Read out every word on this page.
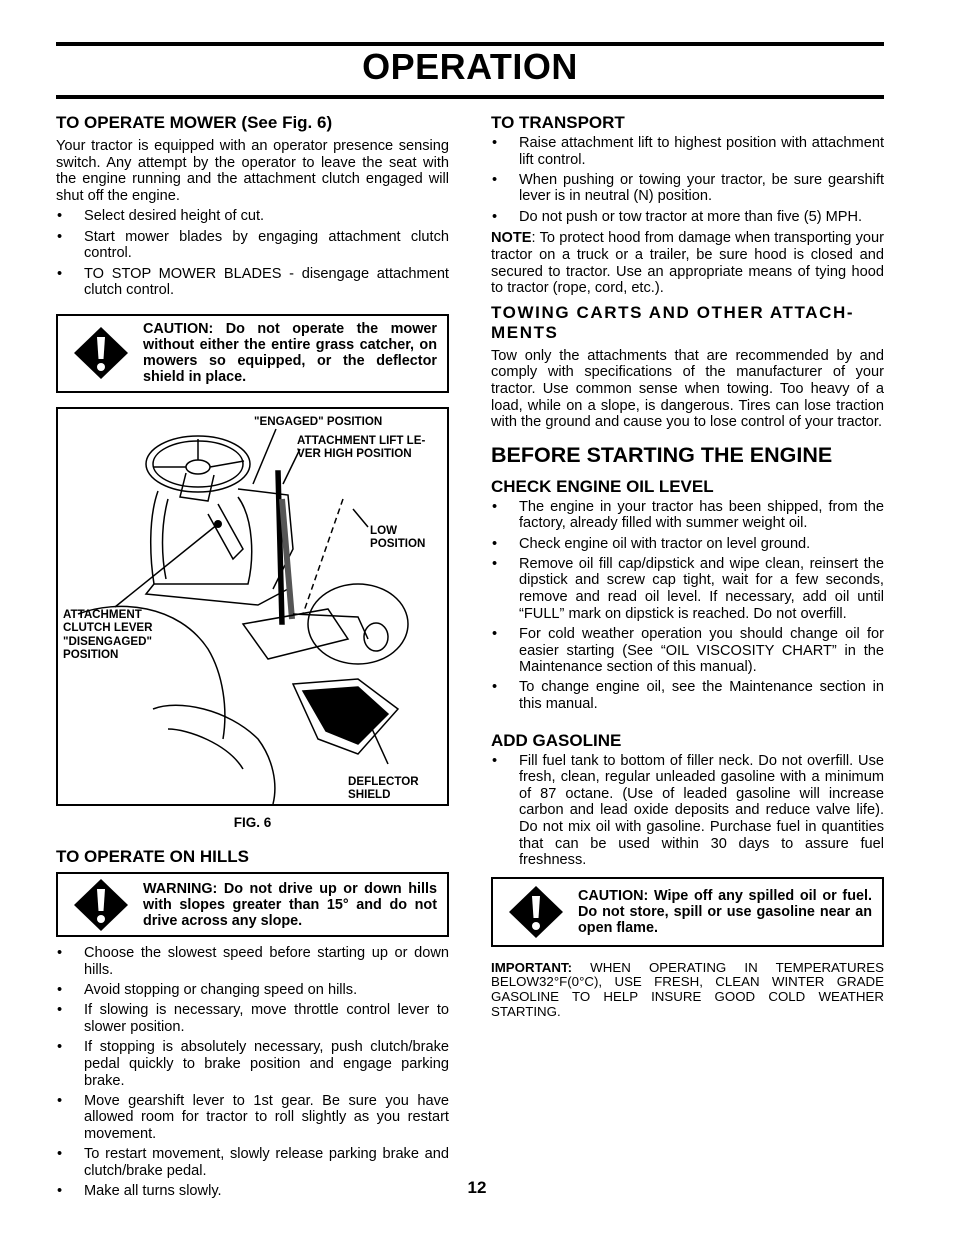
OPERATION
TO OPERATE MOWER (See Fig. 6)

Your tractor is equipped with an operator presence sensing switch. Any attempt by the operator to leave the seat with the engine running and the attachment clutch engaged will shut off the engine.

• Select desired height of cut.
• Start mower blades by engaging attachment clutch control.
• TO STOP MOWER BLADES - disengage attachment clutch control.
CAUTION: Do not operate the mower without either the entire grass catcher, on mowers so equipped, or the deflector shield in place.
"ENGAGED" POSITION
ATTACHMENT LIFT LE-VER HIGH POSITION
LOW POSITION
ATTACHMENT CLUTCH LEVER "DISENGAGED" POSITION
DEFLECTOR SHIELD
FIG. 6
TO OPERATE ON HILLS
WARNING: Do not drive up or down hills with slopes greater than 15° and do not drive across any slope.
• Choose the slowest speed before starting up or down hills.
• Avoid stopping or changing speed on hills.
• If slowing is necessary, move throttle control lever to slower position.
• If stopping is absolutely necessary, push clutch/brake pedal quickly to brake position and engage parking brake.
• Move gearshift lever to 1st gear. Be sure you have allowed room for tractor to roll slightly as you restart movement.
• To restart movement, slowly release parking brake and clutch/brake pedal.
• Make all turns slowly.
TO TRANSPORT
• Raise attachment lift to highest position with attachment lift control.
• When pushing or towing your tractor, be sure gearshift lever is in neutral (N) position.
• Do not push or tow tractor at more than five (5) MPH.

NOTE: To protect hood from damage when transporting your tractor on a truck or a trailer, be sure hood is closed and secured to tractor. Use an appropriate means of tying hood to tractor (rope, cord, etc.).

TOWING CARTS AND OTHER ATTACH-MENTS

Tow only the attachments that are recommended by and comply with specifications of the manufacturer of your tractor. Use common sense when towing. Too heavy of a load, while on a slope, is dangerous. Tires can lose traction with the ground and cause you to lose control of your tractor.

BEFORE STARTING THE ENGINE
CHECK ENGINE OIL LEVEL
• The engine in your tractor has been shipped, from the factory, already filled with summer weight oil.
• Check engine oil with tractor on level ground.
• Remove oil fill cap/dipstick and wipe clean, reinsert the dipstick and screw cap tight, wait for a few seconds, remove and read oil level. If necessary, add oil until “FULL” mark on dipstick is reached. Do not overfill.
• For cold weather operation you should change oil for easier starting (See “OIL VISCOSITY CHART” in the Maintenance section of this manual).
• To change engine oil, see the Maintenance section in this manual.
ADD GASOLINE
• Fill fuel tank to bottom of filler neck. Do not overfill. Use fresh, clean, regular unleaded gasoline with a minimum of 87 octane. (Use of leaded gasoline will increase carbon and lead oxide deposits and reduce valve life). Do not mix oil with gasoline. Purchase fuel in quantities that can be used within 30 days to assure fuel freshness.
CAUTION: Wipe off any spilled oil or fuel. Do not store, spill or use gasoline near an open flame.

IMPORTANT: WHEN OPERATING IN TEMPERATURES BELOW32°F(0°C), USE FRESH, CLEAN WINTER GRADE GASOLINE TO HELP INSURE GOOD COLD WEATHER STARTING.

12
